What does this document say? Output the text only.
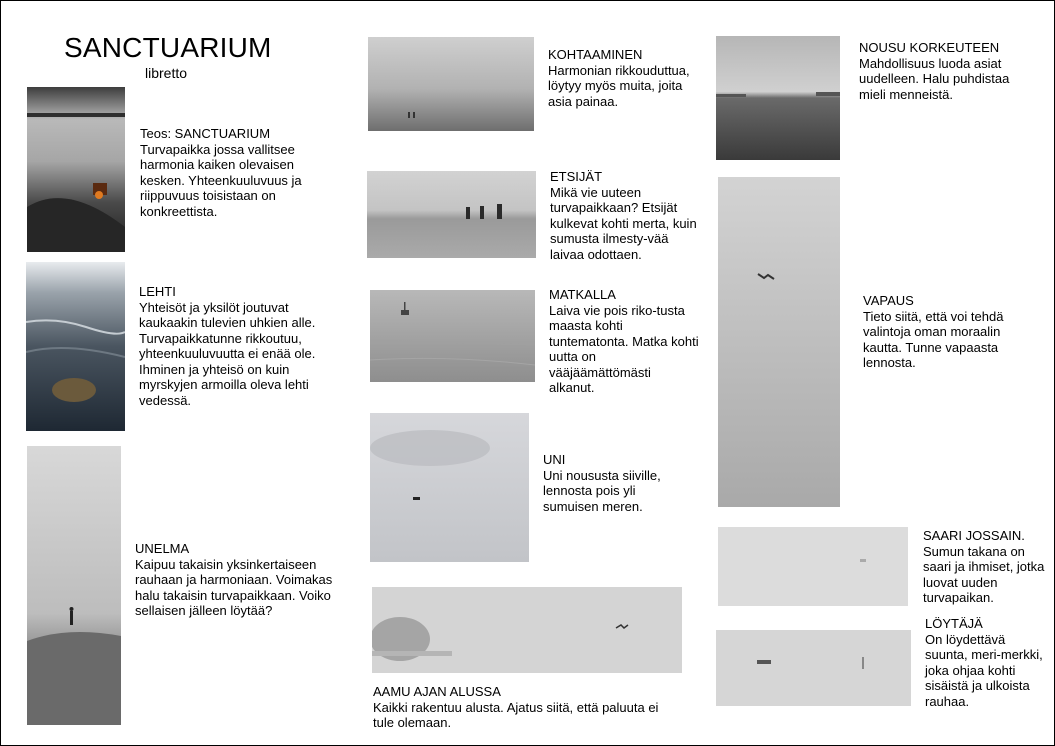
SANCTUARIUM
libretto
Teos: SANCTUARIUM
Turvapaikka jossa vallitsee harmonia kaiken olevaisen kesken. Yhteenkuuluvuus ja riippuvuus toisistaan on konkreettista.
LEHTI
Yhteisöt ja yksilöt joutuvat kaukaakin tulevien uhkien alle. Turvapaikkatunne rikkoutuu, yhteenkuuluvuutta ei enää ole. Ihminen ja yhteisö on kuin myrskyjen armoilla oleva lehti vedessä.
UNELMA
Kaipuu takaisin yksinkertaiseen rauhaan ja harmoniaan. Voimakas halu takaisin turvapaikkaan. Voiko sellaisen jälleen löytää?
KOHTAAMINEN
Harmonian rikkouduttua, löytyy myös muita, joita asia painaa.
ETSIJÄT
Mikä vie uuteen turvapaikkaan? Etsijät kulkevat kohti merta, kuin sumusta ilmesty-vää laivaa odottaen.
MATKALLA
Laiva vie pois riko-tusta maasta kohti tuntematonta. Matka kohti uutta on vääjäämättömästi alkanut.
UNI
Uni noususta siiville, lennosta pois yli sumuisen meren.
AAMU AJAN ALUSSA
Kaikki rakentuu alusta. Ajatus siitä, että paluuta ei tule olemaan.
NOUSU KORKEUTEEN
Mahdollisuus luoda asiat uudelleen. Halu puhdistaa mieli menneistä.
VAPAUS
Tieto siitä, että voi tehdä valintoja oman moraalin kautta. Tunne vapaasta lennosta.
SAARI JOSSAIN.
Sumun takana on saari ja ihmiset, jotka luovat uuden turvapaikan.
LÖYTÄJÄ
On löydettävä suunta, meri-merkki, joka ohjaa kohti sisäistä ja ulkoista rauhaa.
